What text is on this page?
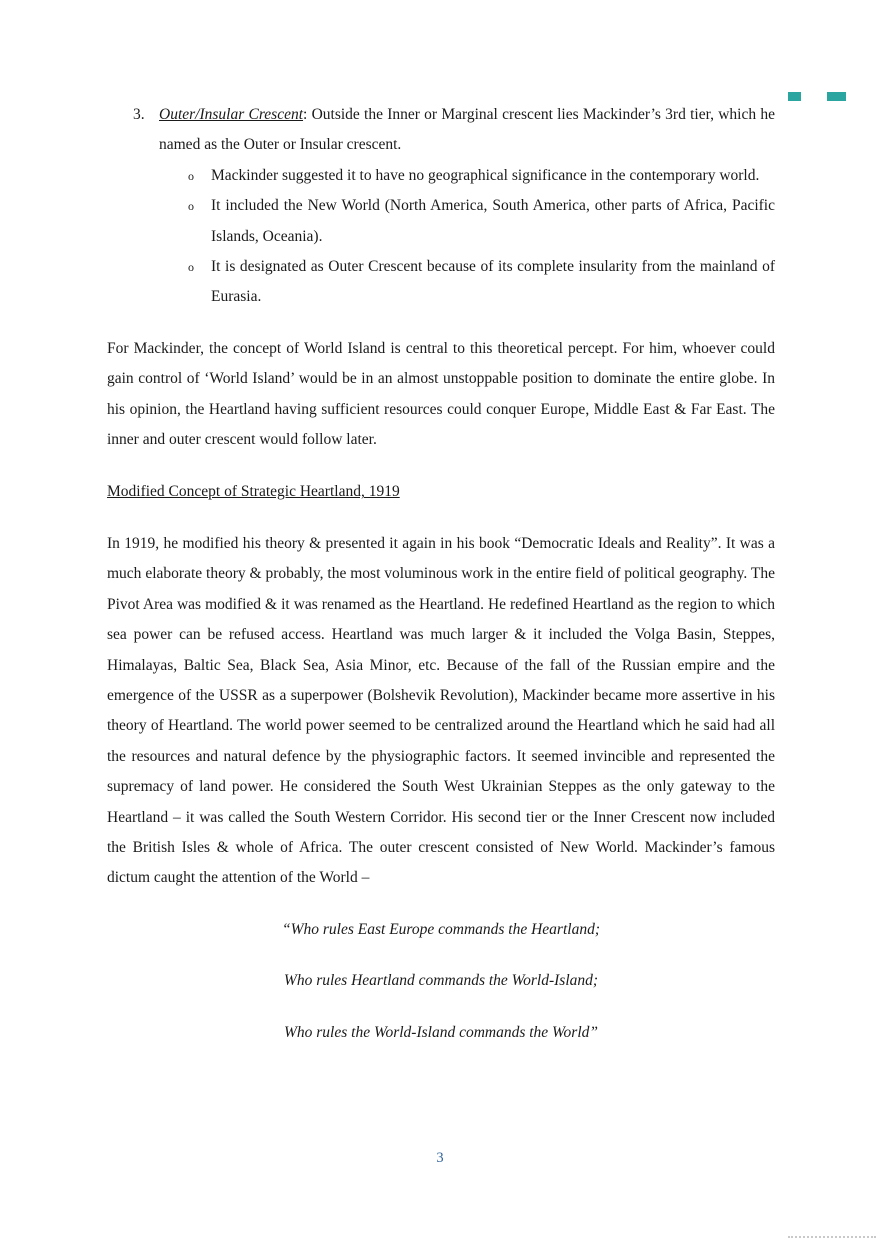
3. Outer/Insular Crescent: Outside the Inner or Marginal crescent lies Mackinder’s 3rd tier, which he named as the Outer or Insular crescent.
o	Mackinder suggested it to have no geographical significance in the contemporary world.
o	It included the New World (North America, South America, other parts of Africa, Pacific Islands, Oceania).
o	It is designated as Outer Crescent because of its complete insularity from the mainland of Eurasia.

For Mackinder, the concept of World Island is central to this theoretical percept. For him, whoever could gain control of ‘World Island’ would be in an almost unstoppable position to dominate the entire globe. In his opinion, the Heartland having sufficient resources could conquer Europe, Middle East & Far East. The inner and outer crescent would follow later.

Modified Concept of Strategic Heartland, 1919

In 1919, he modified his theory & presented it again in his book “Democratic Ideals and Reality”. It was a much elaborate theory & probably, the most voluminous work in the entire field of political geography. The Pivot Area was modified & it was renamed as the Heartland. He redefined Heartland as the region to which sea power can be refused access. Heartland was much larger & it included the Volga Basin, Steppes, Himalayas, Baltic Sea, Black Sea, Asia Minor, etc. Because of the fall of the Russian empire and the emergence of the USSR as a superpower (Bolshevik Revolution), Mackinder became more assertive in his theory of Heartland. The world power seemed to be centralized around the Heartland which he said had all the resources and natural defence by the physiographic factors. It seemed invincible and represented the supremacy of land power. He considered the South West Ukrainian Steppes as the only gateway to the Heartland – it was called the South Western Corridor. His second tier or the Inner Crescent now included the British Isles & whole of Africa. The outer crescent consisted of New World. Mackinder’s famous dictum caught the attention of the World –

“Who rules East Europe commands the Heartland;

Who rules Heartland commands the World-Island;

Who rules the World-Island commands the World”

3
